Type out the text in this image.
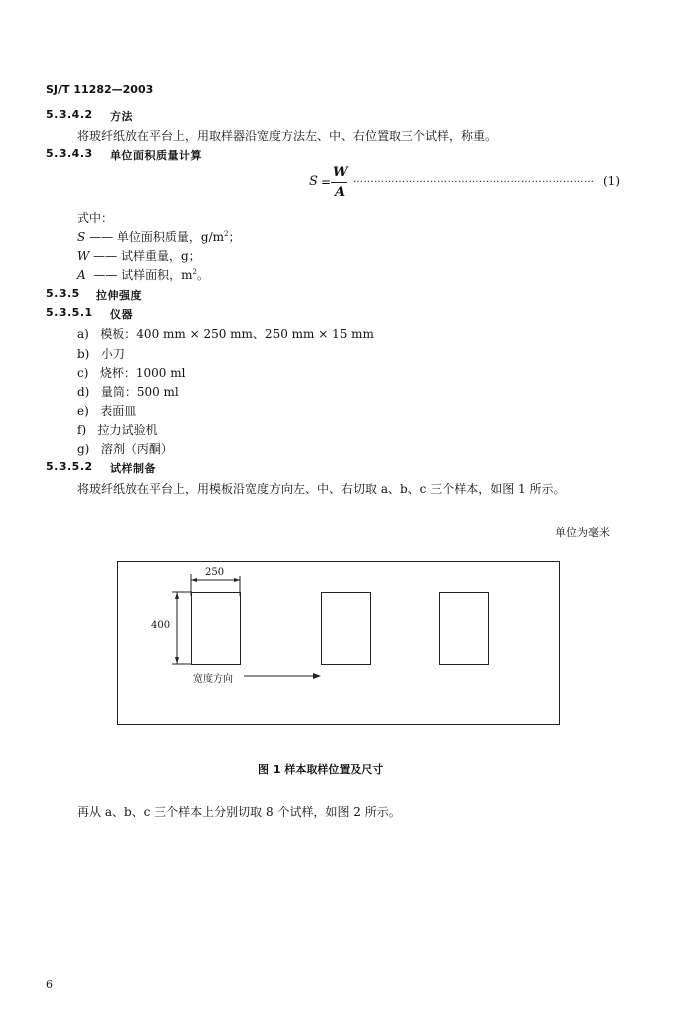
SJ/T 11282—2003
5.3.4.2 方法
将玻纤纸放在平台上，用取样器沿宽度方法左、中、右位置取三个试样，称重。
5.3.4.3 单位面积质量计算
S =
W
A
…………………………………………………………… (1)
式中：
S —— 单位面积质量，$g/m^2$；
W —— 试样重量，g；
A —— 试样面积，$m^2$。
5.3.5 拉伸强度
5.3.5.1 仪器
a) 模板：400 mm × 250 mm、250 mm × 15 mm
b) 小刀
c) 烧杯：1000 ml
d) 量筒：500 ml
e) 表面皿
f) 拉力试验机
g) 溶剂（丙酮）
5.3.5.2 试样制备
将玻纤纸放在平台上，用模板沿宽度方向左、中、右切取 a、b、c 三个样本，如图 1 所示。
单位为毫米
250
400
宽度方向
图 1 样本取样位置及尺寸
再从 a、b、c 三个样本上分别切取 8 个试样，如图 2 所示。
6
